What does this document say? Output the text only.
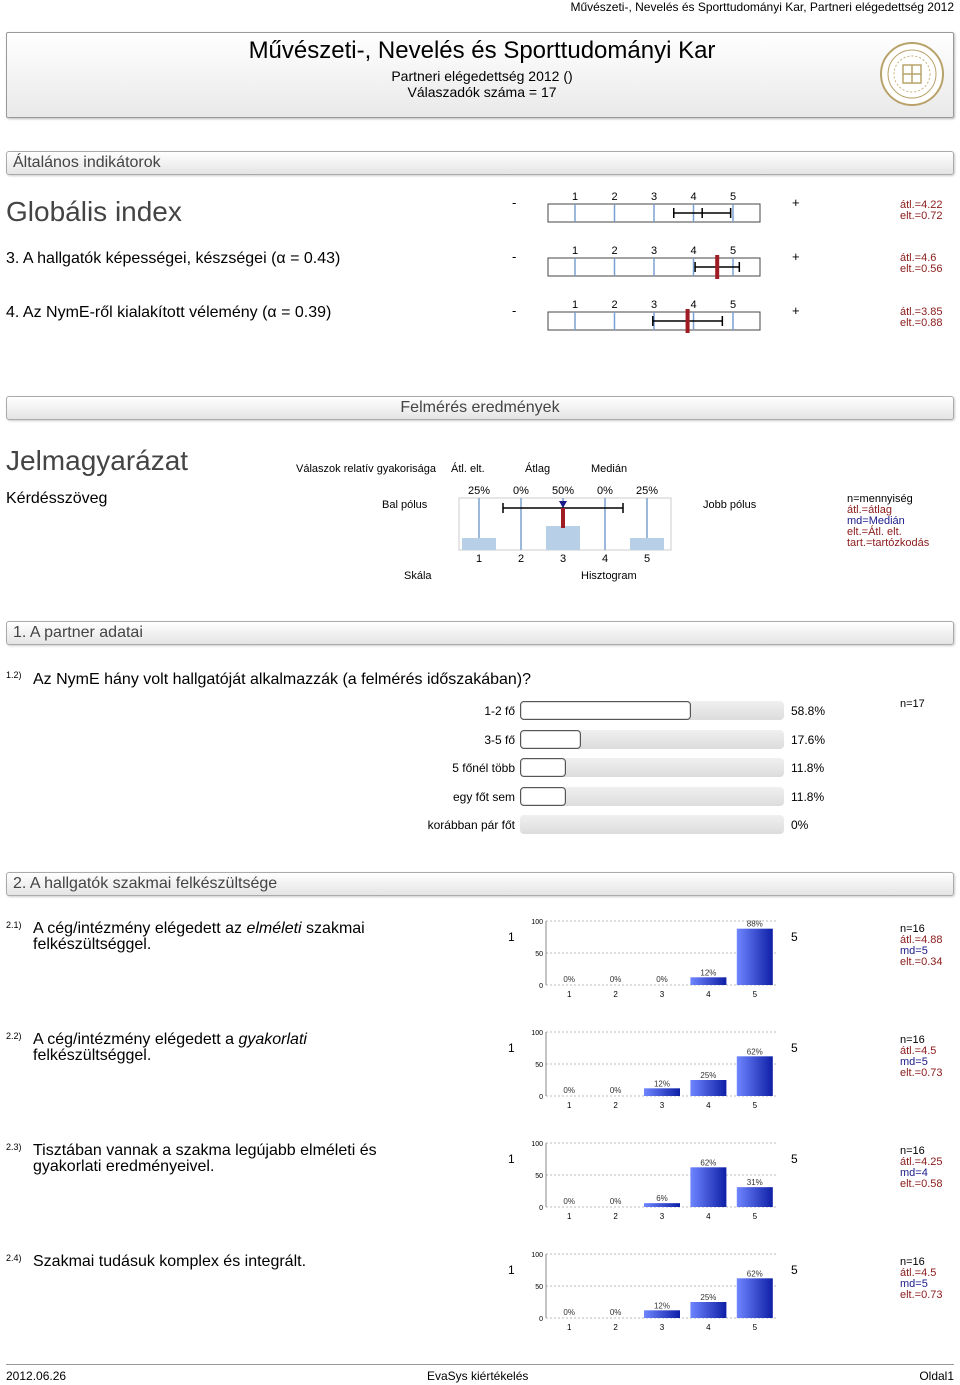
Művészeti-, Nevelés és Sporttudományi Kar, Partneri elégedettség 2012
Művészeti-, Nevelés és Sporttudományi Kar
Partneri elégedettség 2012 ()
Válaszadók száma = 17
Általános indikátorok
Globális index
3. A hallgatók képességei, készségei (α = 0.43)
4. Az NymE-ről kialakított vélemény (α = 0.39)
-	+
1	2	3	4	5
-	+
1	2	3	4	5
-	+
1	2	3	4	5
átl.=4.22
elt.=0.72
átl.=4.6
elt.=0.56
átl.=3.85
elt.=0.88
Felmérés eredmények
Jelmagyarázat
Kérdésszöveg
Válaszok relatív gyakorisága Átl. elt.	Átlag	Medián
Bal pólus	Jobb pólus
Skála	Hisztogram
25% 0% 50% 0% 25%
1	2	3	4	5
n=mennyiség
átl.=átlag
md=Medián
elt.=Átl. elt.
tart.=tartózkodás
1. A partner adatai
1.2) Az NymE hány volt hallgatóját alkalmazzák (a felmérés időszakában)?
n=17
1-2 fő	58.8%
3-5 fő	17.6%
5 főnél több	11.8%
egy főt sem	11.8%
korábban pár főt	0%
2. A hallgatók szakmai felkészültsége
2.1) A cég/intézmény elégedett az elméleti szakmai felkészültséggel.	1	5
n=16
átl.=4.88
md=5
elt.=0.34
100
50
0
0%
1
0%
2
0%
3
12%
4
88%
5
2.2) A cég/intézmény elégedett a gyakorlati felkészültséggel.	1	5
n=16
átl.=4.5
md=5
elt.=0.73
100
50
0
0%
1
0%
2
12%
3
25%
4
62%
5
2.3) Tisztában vannak a szakma legújabb elméleti és gyakorlati eredményeivel.	1	5
n=16
átl.=4.25
md=4
elt.=0.58
100
50
0
0%
1
0%
2
6%
3
62%
4
31%
5
2.4) Szakmai tudásuk komplex és integrált.	1	5
n=16
átl.=4.5
md=5
elt.=0.73
100
50
0
0%
1
0%
2
12%
3
25%
4
62%
5
2012.06.26	EvaSys kiértékelés	Oldal1
